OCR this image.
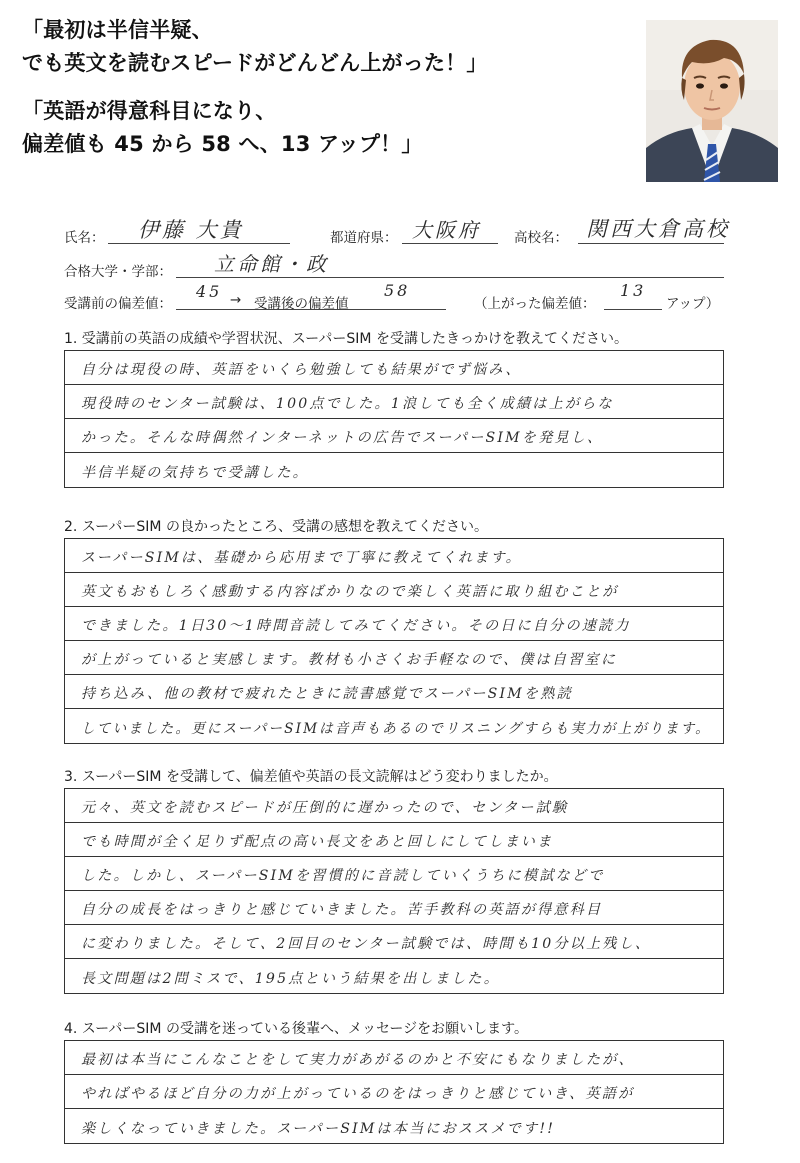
「最初は半信半疑、
でも英文を読むスピードがどんどん上がった！」
「英語が得意科目になり、
偏差値も 45 から 58 へ、13 アップ！」
氏名： 伊藤 大貴	都道府県： 大阪府 高校名： 関西大倉高校
合格大学・学部： 立命館・政
受講前の偏差値：
45 → 受講後の偏差値
58
（上がった偏差値：
13
アップ）
1. 受講前の英語の成績や学習状況、スーパーSIM を受講したきっかけを教えてください。
自分は現役の時、英語をいくら勉強しても結果がでず悩み、
現役時のセンター試験は、100点でした。1浪しても全く成績は上がらな
かった。そんな時偶然インターネットの広告でスーパーSIMを発見し、
半信半疑の気持ちで受講した。
2. スーパーSIM の良かったところ、受講の感想を教えてください。
スーパーSIMは、基礎から応用まで丁寧に教えてくれます。
英文もおもしろく感動する内容ばかりなので楽しく英語に取り組むことが
できました。1日30〜1時間音読してみてください。その日に自分の速読力
が上がっていると実感します。教材も小さくお手軽なので、僕は自習室に
持ち込み、他の教材で疲れたときに読書感覚でスーパーSIMを熟読
していました。更にスーパーSIMは音声もあるのでリスニングすらも実力が上がります。
3. スーパーSIM を受講して、偏差値や英語の長文読解はどう変わりましたか。
元々、英文を読むスピードが圧倒的に遅かったので、センター試験
でも時間が全く足りず配点の高い長文をあと回しにしてしまいま
した。しかし、スーパーSIMを習慣的に音読していくうちに模試などで
自分の成長をはっきりと感じていきました。苦手教科の英語が得意科目
に変わりました。そして、2回目のセンター試験では、時間も10分以上残し、
長文問題は2問ミスで、195点という結果を出しました。
4. スーパーSIM の受講を迷っている後輩へ、メッセージをお願いします。
最初は本当にこんなことをして実力があがるのかと不安にもなりましたが、
やればやるほど自分の力が上がっているのをはっきりと感じていき、英語が
楽しくなっていきました。スーパーSIMは本当におススメです!!
